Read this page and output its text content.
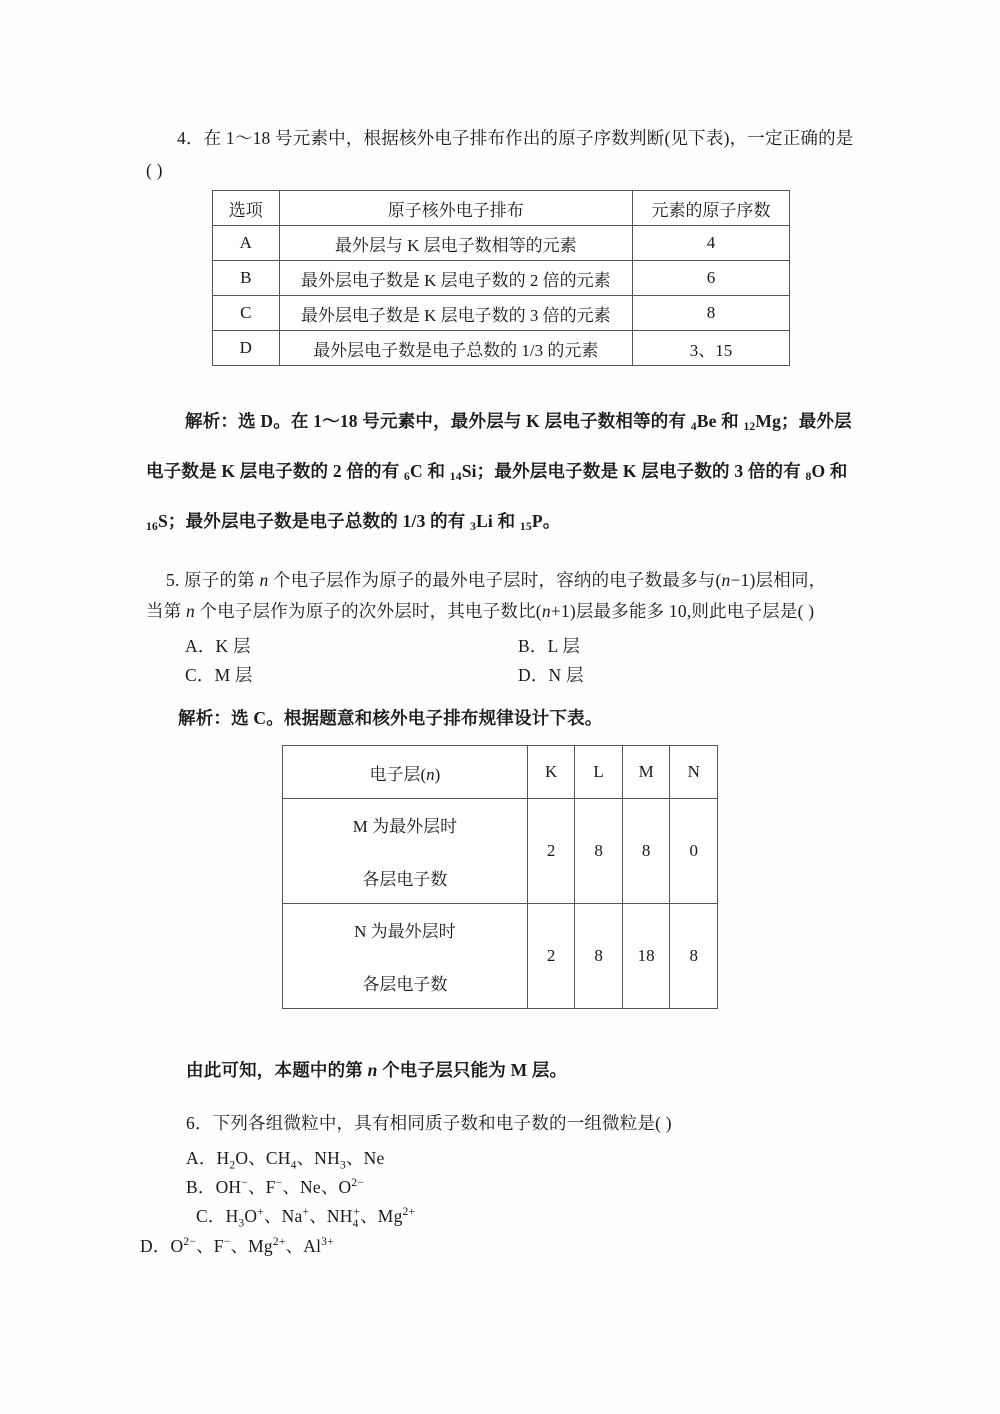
4．在 1～18 号元素中，根据核外电子排布作出的原子序数判断(见下表)，一定正确的是
( )
选项	原子核外电子排布	元素的原子序数
A	最外层与 K 层电子数相等的元素	4
B	最外层电子数是 K 层电子数的 2 倍的元素	6
C	最外层电子数是 K 层电子数的 3 倍的元素	8
D	最外层电子数是电子总数的 1/3 的元素	3、15
解析：选 D。在 1～18 号元素中，最外层与 K 层电子数相等的有 4Be 和 12Mg；最外层
电子数是 K 层电子数的 2 倍的有 6C 和 14Si；最外层电子数是 K 层电子数的 3 倍的有 8O 和
16S；最外层电子数是电子总数的 1/3 的有 3Li 和 15P。
5. 原子的第 n 个电子层作为原子的最外电子层时，容纳的电子数最多与(n−1)层相同，
当第 n 个电子层作为原子的次外层时，其电子数比(n+1)层最多能多 10,则此电子层是( )
A．K 层	B．L 层
C．M 层	D．N 层
解析：选 C。根据题意和核外电子排布规律设计下表。
电子层(n)	K	L	M	N

M 为最外层时
各层电子数	2	8	8	0

N 为最外层时
各层电子数	2	8	18	8
由此可知，本题中的第 n 个电子层只能为 M 层。
6．下列各组微粒中，具有相同质子数和电子数的一组微粒是( )
A．$H_2O$、$CH_4$、$NH_3$、Ne
B．OH−、F−、Ne、$O^{2-}$
C．$H_3O^+$、Na+、$NH_4^+$、$Mg^{2+}$
D．$O^{2-}$、F−、$Mg^{2+}$、$Al^{3+}$
